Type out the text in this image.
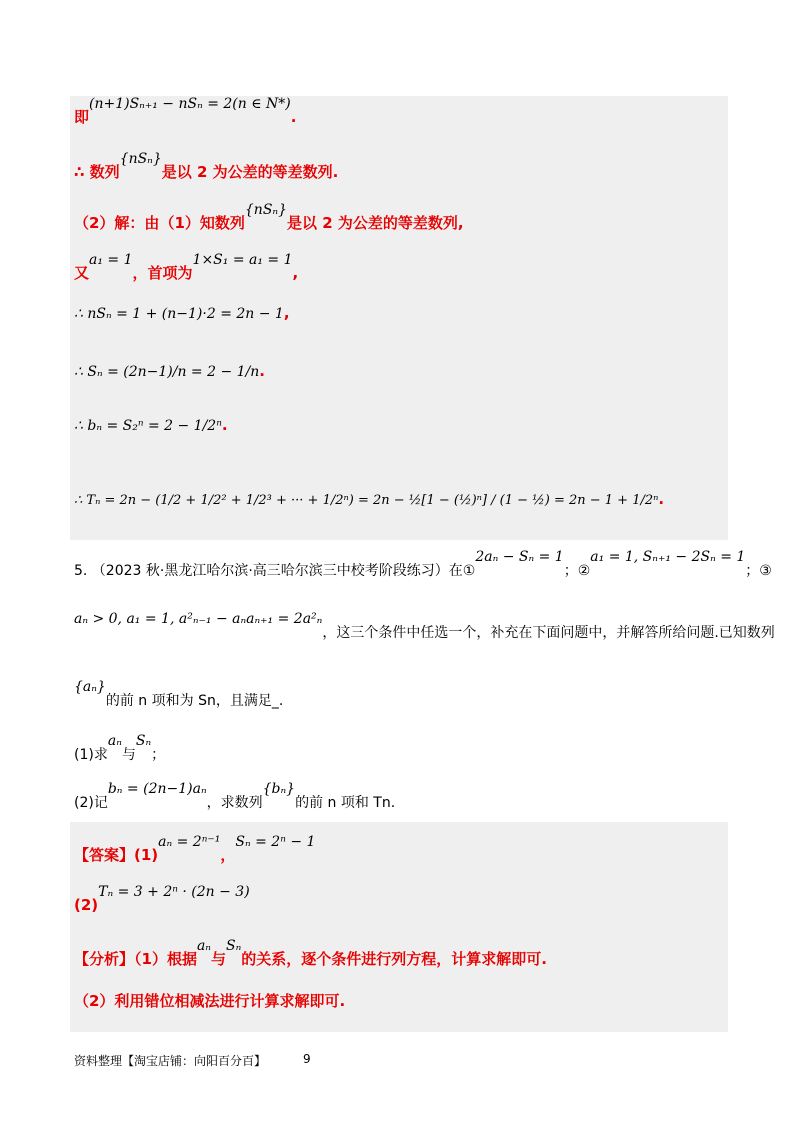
即(n+1)Sₙ₊₁ − nSₙ = 2(n ∈ N*).
∴ 数列{nSₙ}是以 2 为公差的等差数列.
（2）解：由（1）知数列{nSₙ}是以 2 为公差的等差数列,
又a₁ = 1，首项为1×S₁ = a₁ = 1,
∴ nSₙ = 1 + (n−1)·2 = 2n − 1,
∴ Sₙ = (2n−1)/n = 2 − 1/n.
∴ bₙ = S₂ⁿ = 2 − 1/2ⁿ.
∴ Tₙ = 2n − (1/2 + 1/2² + 1/2³ + ··· + 1/2ⁿ) = 2n − ½[1 − (½)ⁿ] / (1 − ½) = 2n − 1 + 1/2ⁿ.
5. （2023 秋·黑龙江哈尔滨·高三哈尔滨三中校考阶段练习）在①2aₙ − Sₙ = 1；②a₁ = 1, Sₙ₊₁ − 2Sₙ = 1；③
aₙ > 0, a₁ = 1, a²ₙ₋₁ − aₙaₙ₊₁ = 2a²ₙ，这三个条件中任选一个，补充在下面问题中，并解答所给问题.已知数列
{aₙ}的前 n 项和为 Sn，且满足_.
(1)求aₙ与Sₙ；
(2)记bₙ = (2n−1)aₙ，求数列{bₙ}的前 n 项和 Tn.
【答案】(1)aₙ = 2ⁿ⁻¹，Sₙ = 2ⁿ − 1
(2)Tₙ = 3 + 2ⁿ · (2n − 3)
【分析】（1）根据aₙ与Sₙ的关系，逐个条件进行列方程，计算求解即可.
（2）利用错位相减法进行计算求解即可.
资料整理【淘宝店铺：向阳百分百】	9
